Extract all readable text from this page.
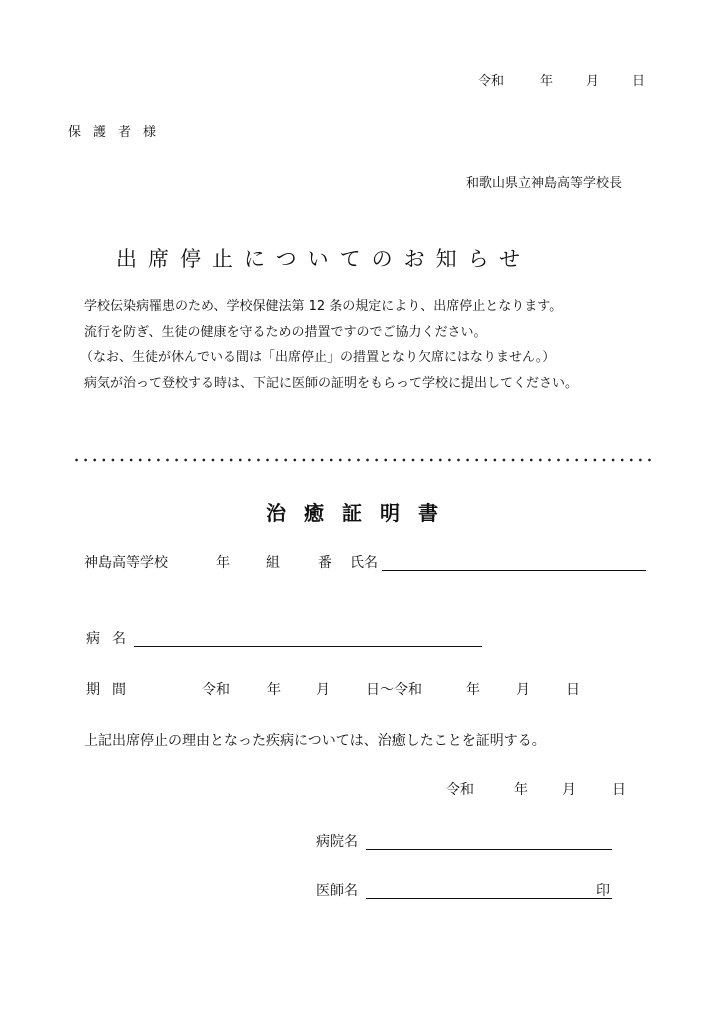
令和	年	月	日
保護者様
和歌山県立神島高等学校長
出席停止についてのお知らせ
学校伝染病罹患のため、学校保健法第 12 条の規定により、出席停止となります。
流行を防ぎ、生徒の健康を守るための措置ですのでご協力ください。
（なお、生徒が休んでいる間は「出席停止」の措置となり欠席にはなりません。）
病気が治って登校する時は、下記に医師の証明をもらって学校に提出してください。
治癒証明書
神島高等学校	年	組	番 氏名
病名
期間	令和	年	月	日～令和	年	月	日
上記出席停止の理由となった疾病については、治癒したことを証明する。
令和	年 月	日
病院名
医師名	印
